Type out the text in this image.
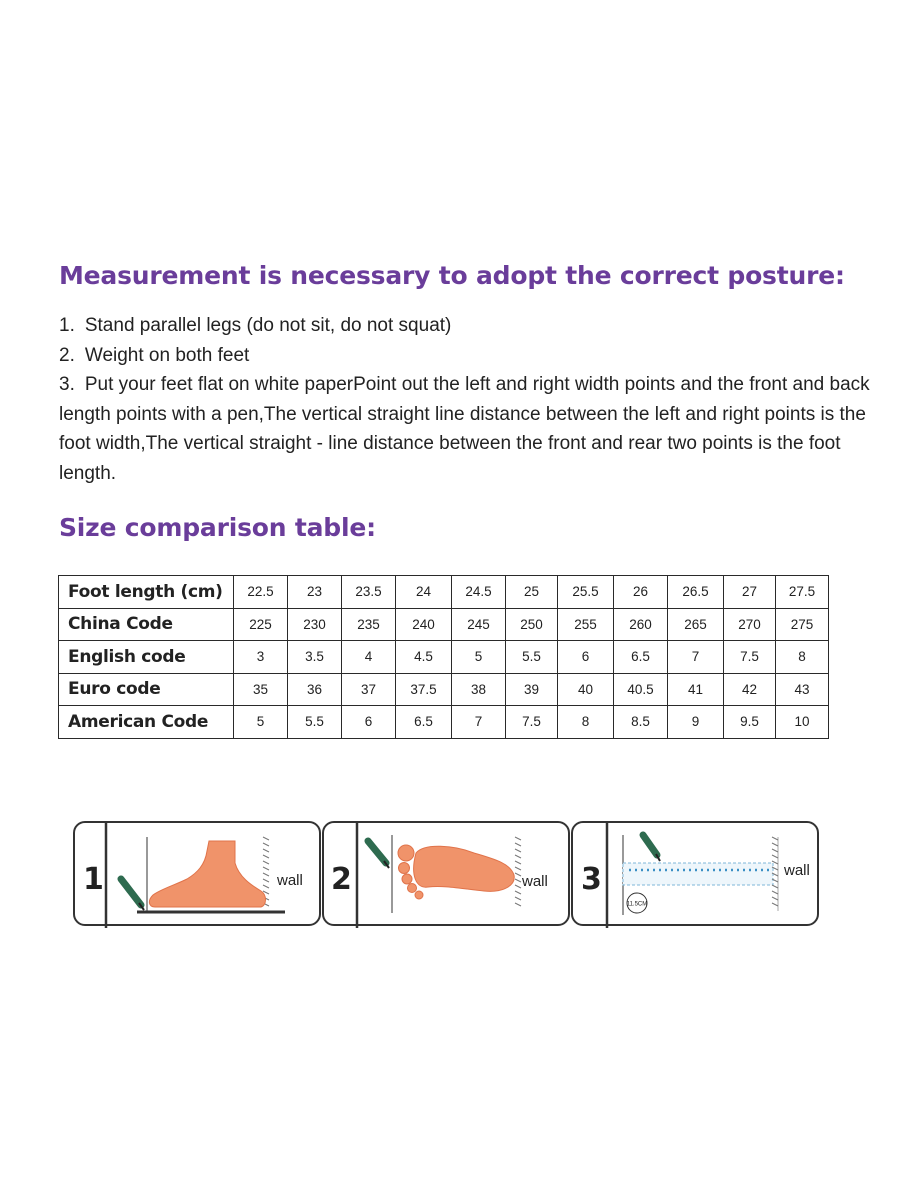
Measurement is necessary to adopt the correct posture:

1. Stand parallel legs (do not sit, do not squat)

2. Weight on both feet

3. Put your feet flat on white paperPoint out the left and right width points and the front and back length points with a pen,The vertical straight line distance between the left and right points is the foot width,The vertical straight - line distance between the front and rear two points is the foot length.

Size comparison table:
Foot length (cm)	22.5	23	23.5	24	24.5	25	25.5	26	26.5	27	27.5
China Code	225	230	235	240	245	250	255	260	265	270	275
English code	3	3.5	4	4.5	5	5.5	6	6.5	7	7.5	8
Euro code	35	36	37	37.5	38	39	40	40.5	41	42	43
American Code	5	5.5	6	6.5	7	7.5	8	8.5	9	9.5	10
1	wall 2	wall 3
11.5CM
wall
